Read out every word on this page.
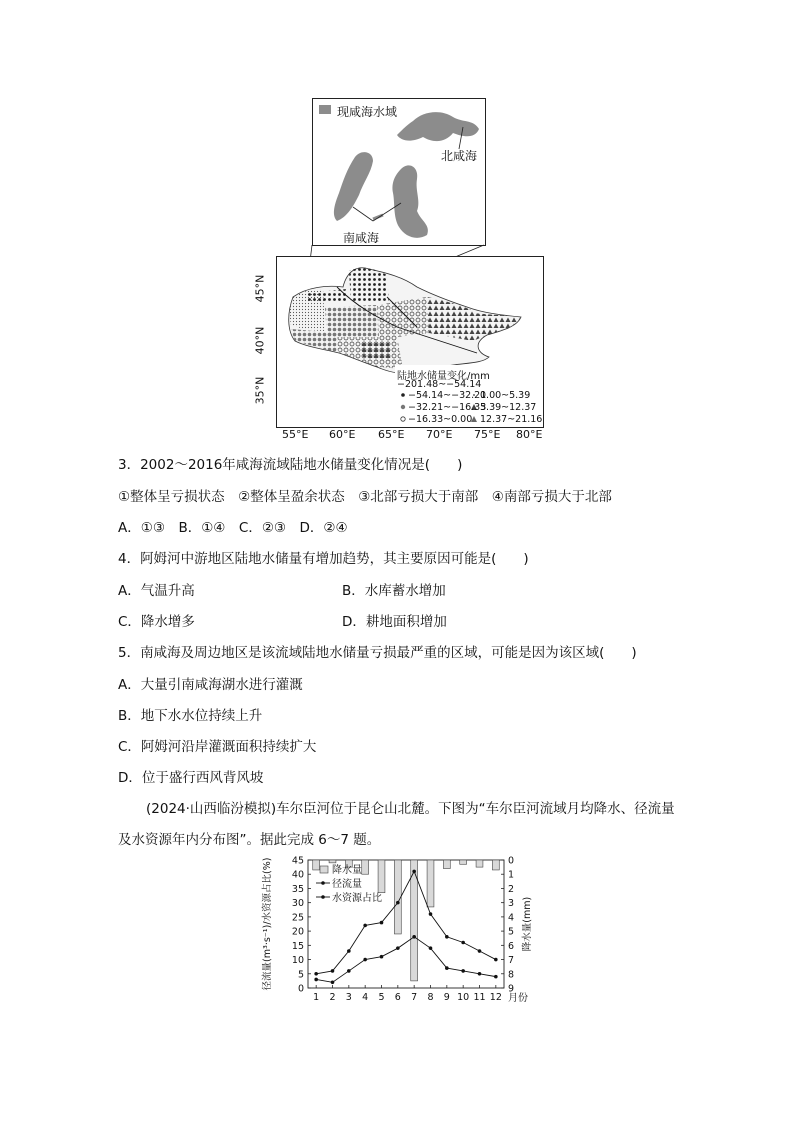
现咸海水域
北咸海
南咸海
陆地水储量变化/mm
−201.48~−54.14
−54.14~−32.21
−32.21~−16.33
−16.33~0.00
0.00~5.39
5.39~12.37
12.37~21.16
45°N
40°N
35°N
55°E 60°E 65°E 70°E 75°E 80°E
3．2002～2016年咸海流域陆地水储量变化情况是(　　)
①整体呈亏损状态　②整体呈盈余状态　③北部亏损大于南部　④南部亏损大于北部
A．①③　B．①④　C．②③　D．②④
4．阿姆河中游地区陆地水储量有增加趋势，其主要原因可能是(　　)
A．气温升高	B．水库蓄水增加
C．降水增多	D．耕地面积增加
5．南咸海及周边地区是该流域陆地水储量亏损最严重的区域，可能是因为该区域(　　)
A．大量引南咸海湖水进行灌溉
B．地下水水位持续上升
C．阿姆河沿岸灌溉面积持续扩大
D．位于盛行西风背风坡
(2024·山西临汾模拟)车尔臣河位于昆仑山北麓。下图为“车尔臣河流域月均降水、径流量
及水资源年内分布图”。据此完成 6～7 题。
0
5
10
15
20
25
30
35
40
45	0
1
2
3
4
5
6
7
8
9
1 2 3 4 5 6 7 8 9 10 11 12 月份
径流量(m³·s⁻¹)/水资源占比(%)	降水量(mm)
降水量
径流量
水资源占比
